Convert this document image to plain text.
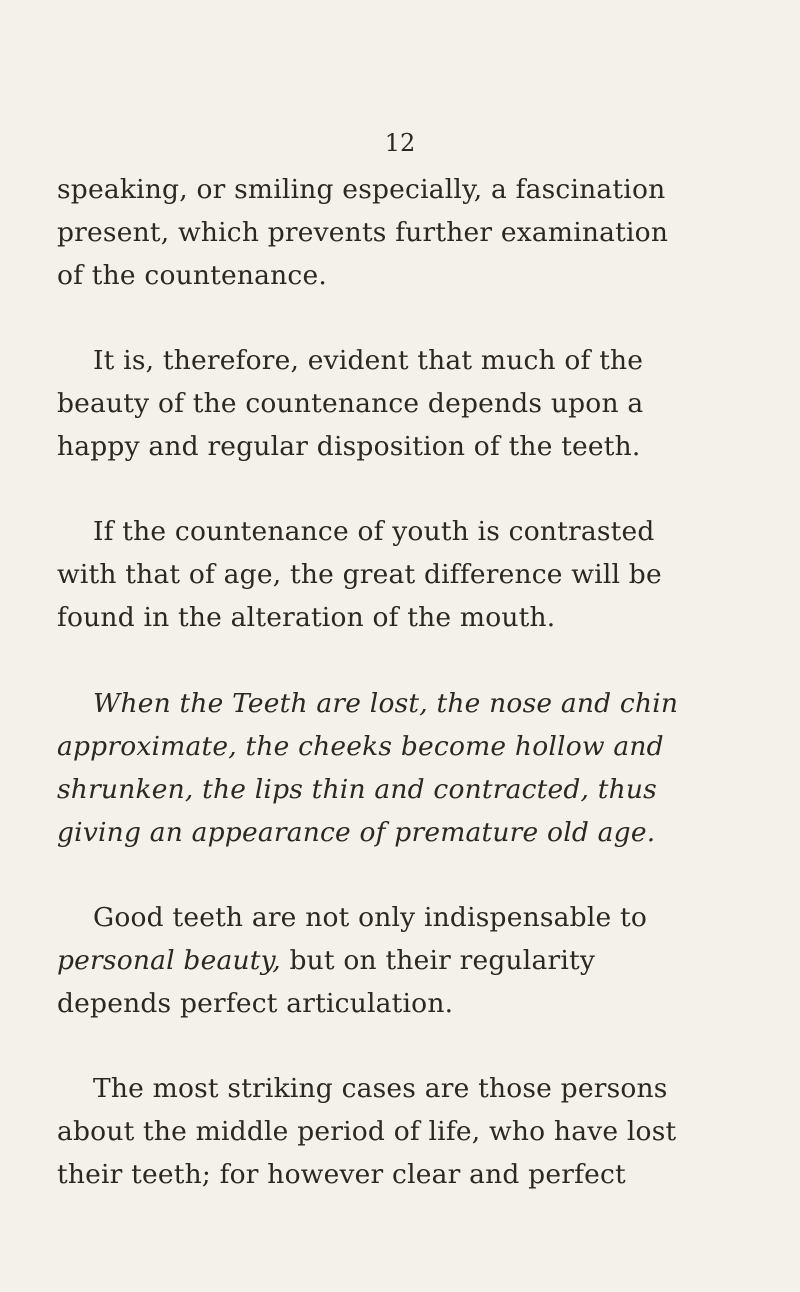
12

speaking, or smiling especially, a fascination
present, which prevents further examination
of the countenance.

It is, therefore, evident that much of the
beauty of the countenance depends upon a
happy and regular disposition of the teeth.

If the countenance of youth is contrasted
with that of age, the great difference will be
found in the alteration of the mouth.

When the Teeth are lost, the nose and chin
approximate, the cheeks become hollow and
shrunken, the lips thin and contracted, thus
giving an appearance of premature old age.

Good teeth are not only indispensable to
personal beauty, but on their regularity
depends perfect articulation.

The most striking cases are those persons
about the middle period of life, who have lost
their teeth; for however clear and perfect
